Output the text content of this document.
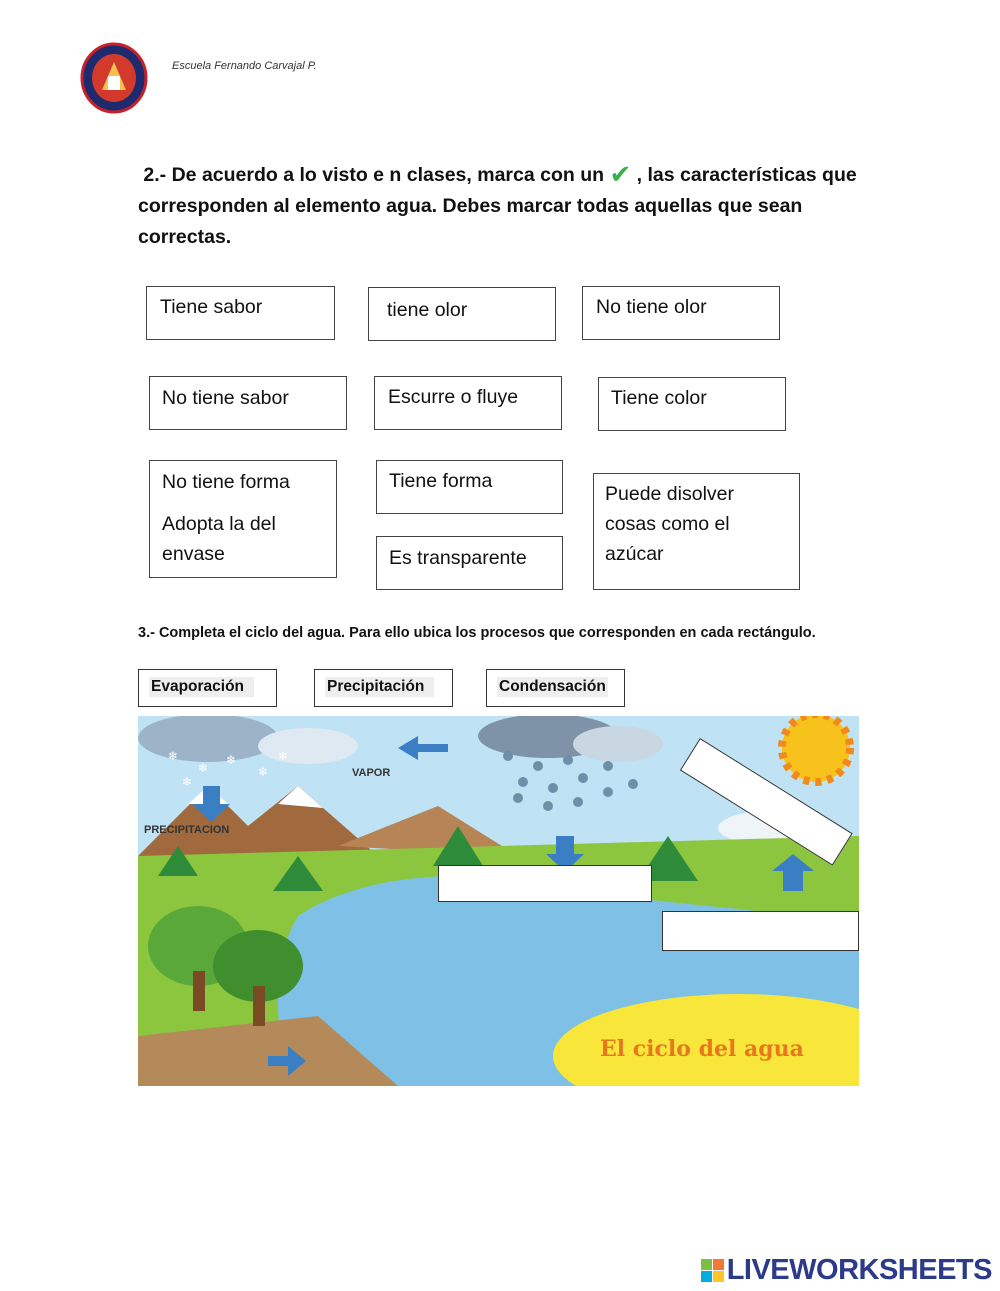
Escuela Fernando Carvajal P.
2.- De acuerdo a lo visto e n clases, marca con un ✔ , las características que corresponden al elemento agua. Debes marcar todas aquellas que sean correctas.
Tiene sabor	tiene olor	No tiene olor
No tiene sabor	Escurre o fluye	Tiene color
No tiene forma
Adopta la del envase
Tiene forma
Es transparente
Puede disolver cosas como el azúcar
3.- Completa el ciclo del agua. Para ello ubica los procesos que corresponden en cada rectángulo.
Evaporación	Precipitación	Condensación
❄
❄
❄
❄
❄
❄
VAPOR
PRECIPITACION
El ciclo del agua
LIVEWORKSHEETS
